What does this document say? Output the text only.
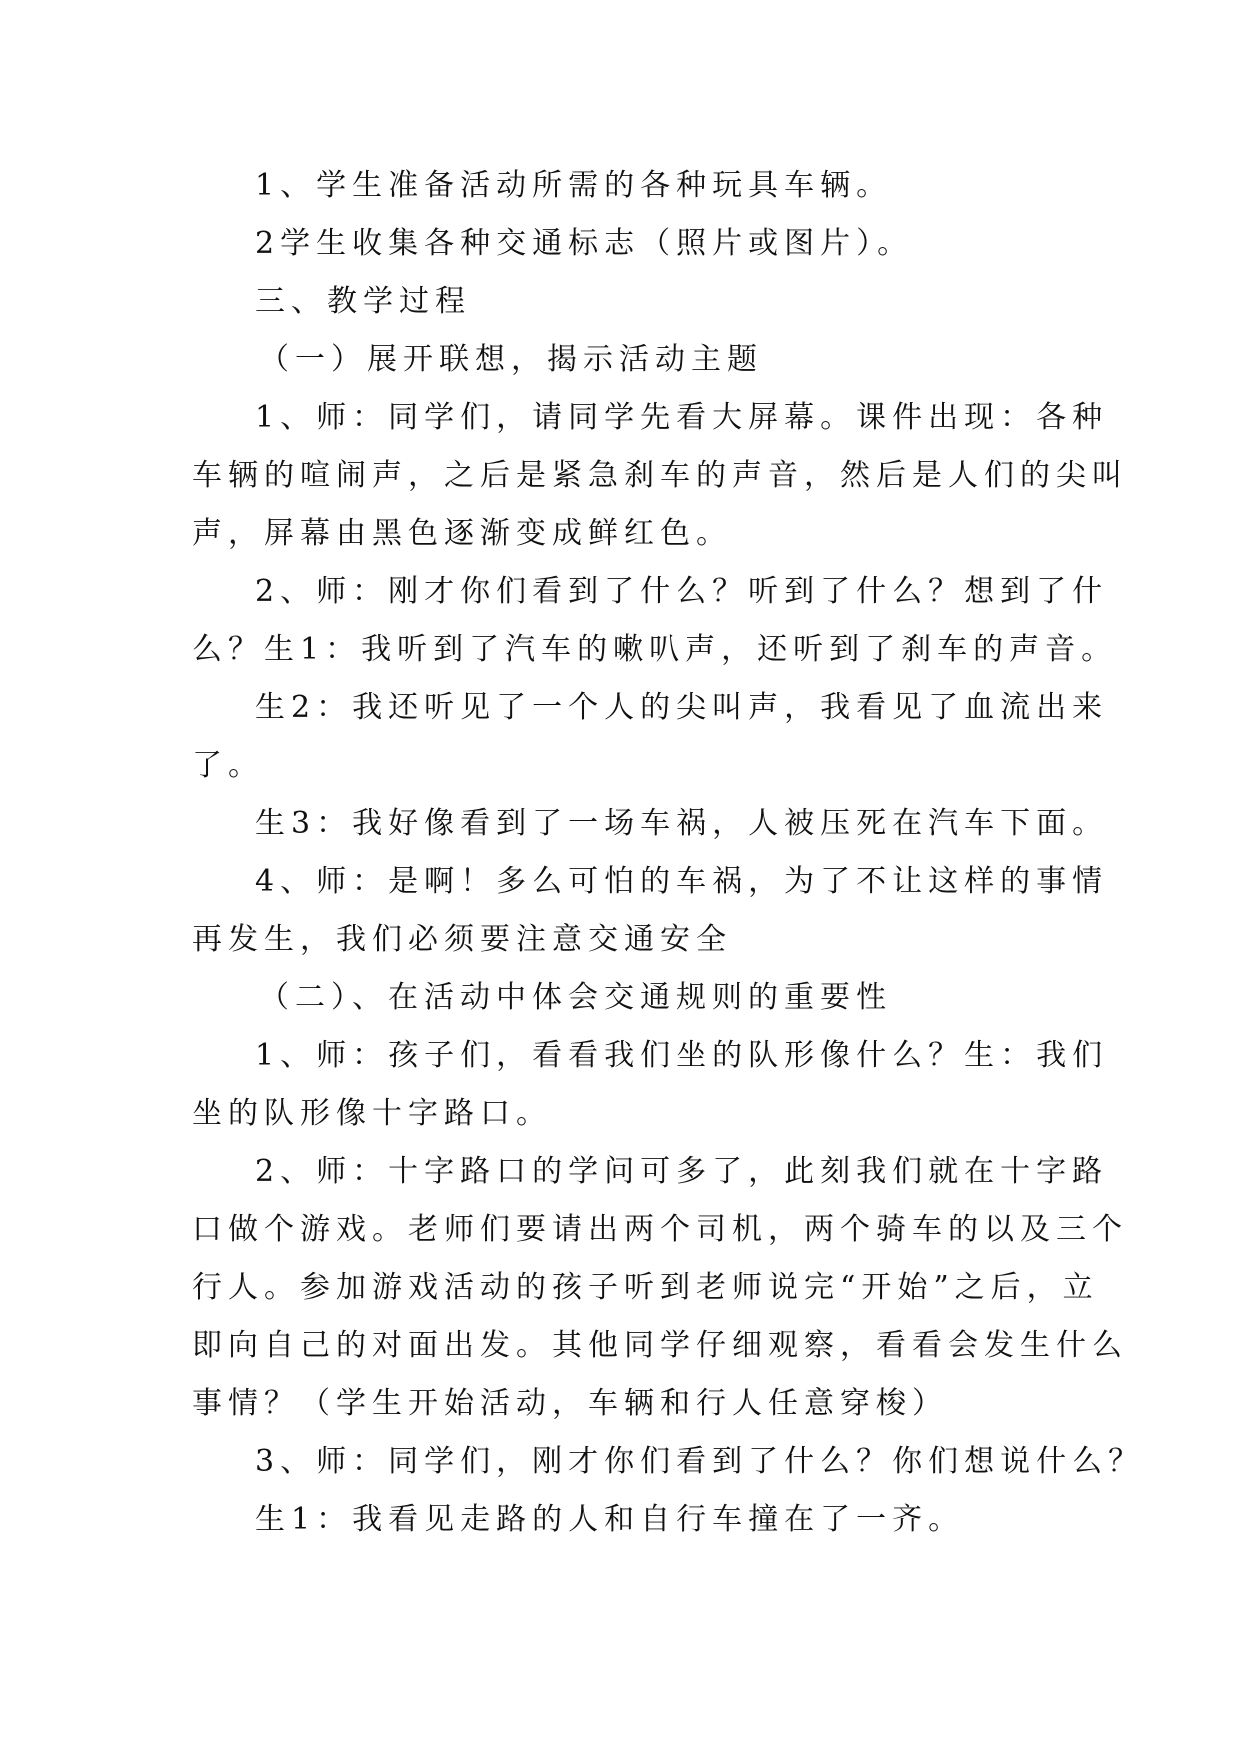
1、学生准备活动所需的各种玩具车辆。
2学生收集各种交通标志（照片或图片）。
三、教学过程
（一）展开联想，揭示活动主题
1、师：同学们，请同学先看大屏幕。课件出现：各种
车辆的喧闹声，之后是紧急刹车的声音，然后是人们的尖叫
声，屏幕由黑色逐渐变成鲜红色。
2、师：刚才你们看到了什么？听到了什么？想到了什
么？生1：我听到了汽车的嗽叭声，还听到了刹车的声音。
生2：我还听见了一个人的尖叫声，我看见了血流出来
了。
生3：我好像看到了一场车祸，人被压死在汽车下面。
4、师：是啊！多么可怕的车祸，为了不让这样的事情
再发生，我们必须要注意交通安全
（二）、在活动中体会交通规则的重要性
1、师：孩子们，看看我们坐的队形像什么？生：我们
坐的队形像十字路口。
2、师：十字路口的学问可多了，此刻我们就在十字路
口做个游戏。老师们要请出两个司机，两个骑车的以及三个
行人。参加游戏活动的孩子听到老师说完“开始”之后，立
即向自己的对面出发。其他同学仔细观察，看看会发生什么
事情？（学生开始活动，车辆和行人任意穿梭）
3、师：同学们，刚才你们看到了什么？你们想说什么？
生1：我看见走路的人和自行车撞在了一齐。
